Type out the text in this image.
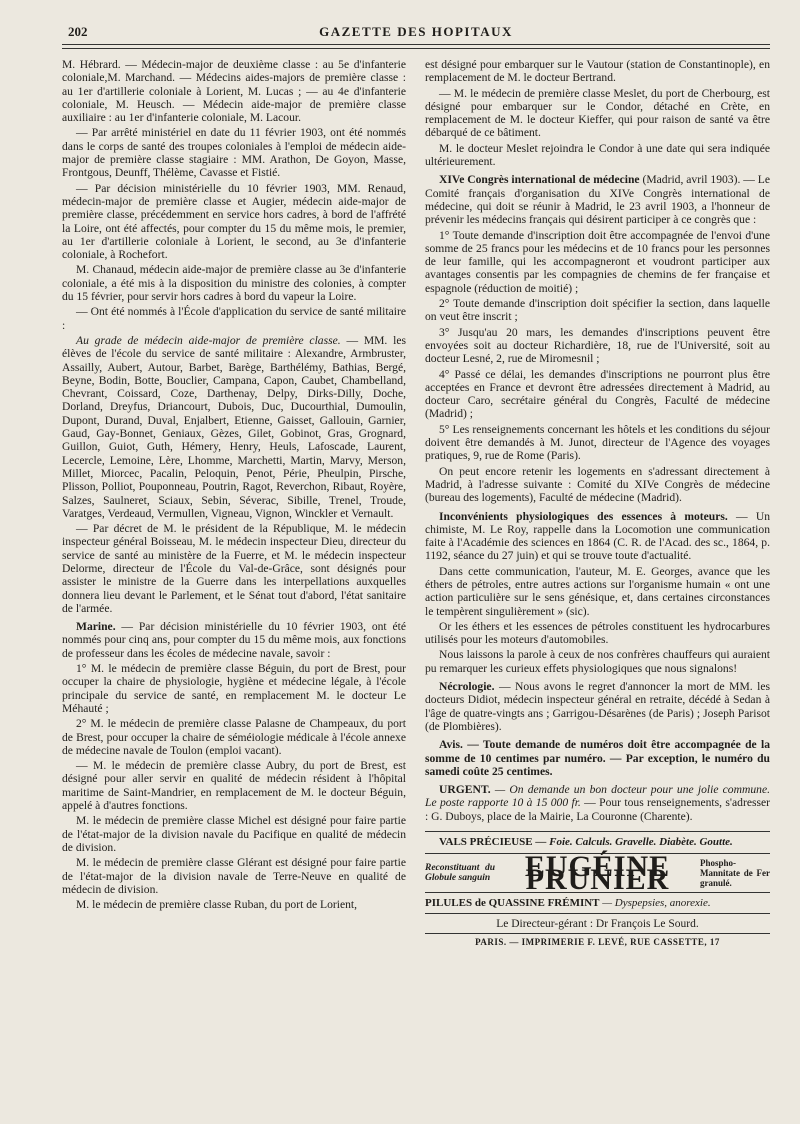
202	GAZETTE DES HOPITAUX

M. Hébrard. — Médecin-major de deuxième classe : au 5e d'infanterie coloniale,M. Marchand. — Médecins aides-majors de première classe : au 1er d'artillerie coloniale à Lorient, M. Lucas ; — au 4e d'infanterie coloniale, M. Heusch. — Médecin aide-major de première classe auxiliaire : au 1er d'infanterie coloniale, M. Lacour.

— Par arrêté ministériel en date du 11 février 1903, ont été nommés dans le corps de santé des troupes coloniales à l'emploi de médecin aide-major de première classe stagiaire : MM. Arathon, De Goyon, Masse, Frontgous, Deunff, Thélème, Cavasse et Fistié.

— Par décision ministérielle du 10 février 1903, MM. Renaud, médecin-major de première classe et Augier, médecin aide-major de première classe, précédemment en service hors cadres, à bord de l'affrété la Loire, ont été affectés, pour compter du 15 du même mois, le premier, au 1er d'artillerie coloniale à Lorient, le second, au 3e d'infanterie coloniale, à Rochefort.

M. Chanaud, médecin aide-major de première classe au 3e d'infanterie coloniale, a été mis à la disposition du ministre des colonies, à compter du 15 février, pour servir hors cadres à bord du vapeur la Loire.

— Ont été nommés à l'École d'application du service de santé militaire :

Au grade de médecin aide-major de première classe. — MM. les élèves de l'école du service de santé militaire : Alexandre, Armbruster, Assailly, Aubert, Autour, Barbet, Barège, Barthélémy, Bathias, Bergé, Beyne, Bodin, Botte, Bouclier, Campana, Capon, Caubet, Chambelland, Chevrant, Coissard, Coze, Darthenay, Delpy, Dirks-Dilly, Doche, Dorland, Dreyfus, Driancourt, Dubois, Duc, Ducourthial, Dumoulin, Dupont, Durand, Duval, Enjalbert, Etienne, Gaisset, Gallouin, Garnier, Gaud, Gay-Bonnet, Geniaux, Gèzes, Gilet, Gobinot, Gras, Grognard, Guillon, Guiot, Guth, Hémery, Henry, Heuls, Lafoscade, Laurent, Lecercle, Lemoine, Lère, Lhomme, Marchetti, Martin, Marvy, Merson, Millet, Miorcec, Pacalin, Peloquin, Penot, Périe, Pheulpin, Pirsche, Plisson, Polliot, Pouponneau, Poutrin, Ragot, Reverchon, Ribaut, Royère, Salzes, Saulneret, Sciaux, Sebin, Séverac, Sibille, Trenel, Troude, Varatges, Verdeaud, Vermullen, Vigneau, Vignon, Winckler et Vernault.

— Par décret de M. le président de la République, M. le médecin inspecteur général Boisseau, M. le médecin inspecteur Dieu, directeur du service de santé au ministère de la Fuerre, et M. le médecin inspecteur Delorme, directeur de l'École du Val-de-Grâce, sont désignés pour assister le ministre de la Guerre dans les interpellations auxquelles donnera lieu devant le Parlement, et le Sénat tout d'abord, l'état sanitaire de l'armée.

Marine. — Par décision ministérielle du 10 février 1903, ont été nommés pour cinq ans, pour compter du 15 du même mois, aux fonctions de professeur dans les écoles de médecine navale, savoir :

1° M. le médecin de première classe Béguin, du port de Brest, pour occuper la chaire de physiologie, hygiène et médecine légale, à l'école principale du service de santé, en remplacement M. le docteur Le Méhauté ;

2° M. le médecin de première classe Palasne de Champeaux, du port de Brest, pour occuper la chaire de séméiologie médicale à l'école annexe de médecine navale de Toulon (emploi vacant).

— M. le médecin de première classe Aubry, du port de Brest, est désigné pour aller servir en qualité de médecin résident à l'hôpital maritime de Saint-Mandrier, en remplacement de M. le docteur Béguin, appelé à d'autres fonctions.

M. le médecin de première classe Michel est désigné pour faire partie de l'état-major de la division navale du Pacifique en qualité de médecin de division.

M. le médecin de première classe Glérant est désigné pour faire partie de l'état-major de la division navale de Terre-Neuve en qualité de médecin de division.

M. le médecin de première classe Ruban, du port de Lorient,

est désigné pour embarquer sur le Vautour (station de Constantinople), en remplacement de M. le docteur Bertrand.

— M. le médecin de première classe Meslet, du port de Cherbourg, est désigné pour embarquer sur le Condor, détaché en Crète, en remplacement de M. le docteur Kieffer, qui pour raison de santé va être débarqué de ce bâtiment.

M. le docteur Meslet rejoindra le Condor à une date qui sera indiquée ultérieurement.

XIVe Congrès international de médecine (Madrid, avril 1903). — Le Comité français d'organisation du XIVe Congrès international de médecine, qui doit se réunir à Madrid, le 23 avril 1903, a l'honneur de prévenir les médecins français qui désirent participer à ce congrès que :

1° Toute demande d'inscription doit être accompagnée de l'envoi d'une somme de 25 francs pour les médecins et de 10 francs pour les personnes de leur famille, qui les accompagneront et voudront participer aux avantages consentis par les compagnies de chemins de fer française et espagnole (réduction de moitié) ;

2° Toute demande d'inscription doit spécifier la section, dans laquelle on veut être inscrit ;

3° Jusqu'au 20 mars, les demandes d'inscriptions peuvent être envoyées soit au docteur Richardière, 18, rue de l'Université, soit au docteur Lesné, 2, rue de Miromesnil ;

4° Passé ce délai, les demandes d'inscriptions ne pourront plus être acceptées en France et devront être adressées directement à Madrid, au docteur Caro, secrétaire général du Congrès, Faculté de médecine (Madrid) ;

5° Les renseignements concernant les hôtels et les conditions du séjour doivent être demandés à M. Junot, directeur de l'Agence des voyages pratiques, 9, rue de Rome (Paris).

On peut encore retenir les logements en s'adressant directement à Madrid, à l'adresse suivante : Comité du XIVe Congrès de médecine (bureau des logements), Faculté de médecine (Madrid).

Inconvénients physiologiques des essences à moteurs. — Un chimiste, M. Le Roy, rappelle dans la Locomotion une communication faite à l'Académie des sciences en 1864 (C. R. de l'Acad. des sc., 1864, p. 1192, séance du 27 juin) et qui se trouve toute d'actualité.

Dans cette communication, l'auteur, M. E. Georges, avance que les éthers de pétroles, entre autres actions sur l'organisme humain « ont une action particulière sur le sens génésique, et, dans certaines circonstances le tempèrent singulièrement » (sic).

Or les éthers et les essences de pétroles constituent les hydrocarbures utilisés pour les moteurs d'automobiles.

Nous laissons la parole à ceux de nos confrères chauffeurs qui auraient pu remarquer les curieux effets physiologiques que nous signalons!

Nécrologie. — Nous avons le regret d'annoncer la mort de MM. les docteurs Didiot, médecin inspecteur général en retraite, décédé à Sedan à l'âge de quatre-vingts ans ; Garrigou-Désarènes (de Paris) ; Joseph Parisot (de Plombières).

Avis. — Toute demande de numéros doit être accompagnée de la somme de 10 centimes par numéro. — Par exception, le numéro du samedi coûte 25 centimes.

URGENT. — On demande un bon docteur pour une jolie commune. Le poste rapporte 10 à 15 000 fr. — Pour tous renseignements, s'adresser : G. Duboys, place de la Mairie, La Couronne (Charente).

VALS PRÉCIEUSE — Foie. Calculs. Gravelle. Diabète. Goutte.

Reconstituant du Globule sanguin	EUGÉINE PRUNIER	Phospho-Mannitate de Fer granulé.

PILULES de QUASSINE FRÉMINT — Dyspepsies, anorexie.

Le Directeur-gérant : Dr François Le Sourd.

PARIS. — IMPRIMERIE F. LEVÉ, RUE CASSETTE, 17
